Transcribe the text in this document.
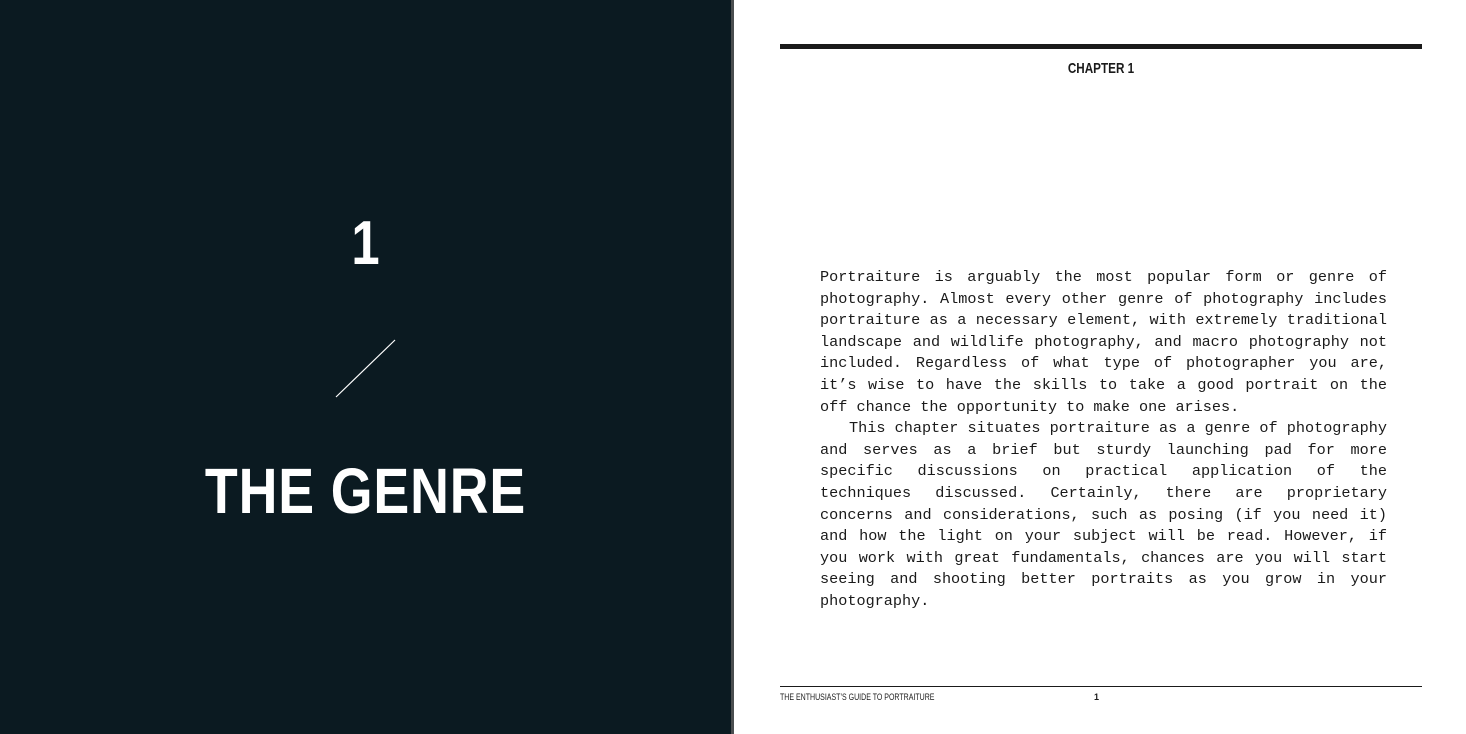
1
THE GENRE
CHAPTER 1

Portraiture is arguably the most popular form or genre of photography. Almost every other genre of photography includes portraiture as a necessary element, with extremely traditional landscape and wildlife photography, and macro photography not included. Regardless of what type of photographer you are, it’s wise to have the skills to take a good portrait on the off chance the opportunity to make one arises.

This chapter situates portraiture as a genre of photography and serves as a brief but sturdy launching pad for more specific discussions on practical application of the techniques discussed. Certainly, there are proprietary concerns and considerations, such as posing (if you need it) and how the light on your subject will be read. However, if you work with great fundamentals, chances are you will start seeing and shooting better portraits as you grow in your photography.

THE ENTHUSIAST’S GUIDE TO PORTRAITURE	1
